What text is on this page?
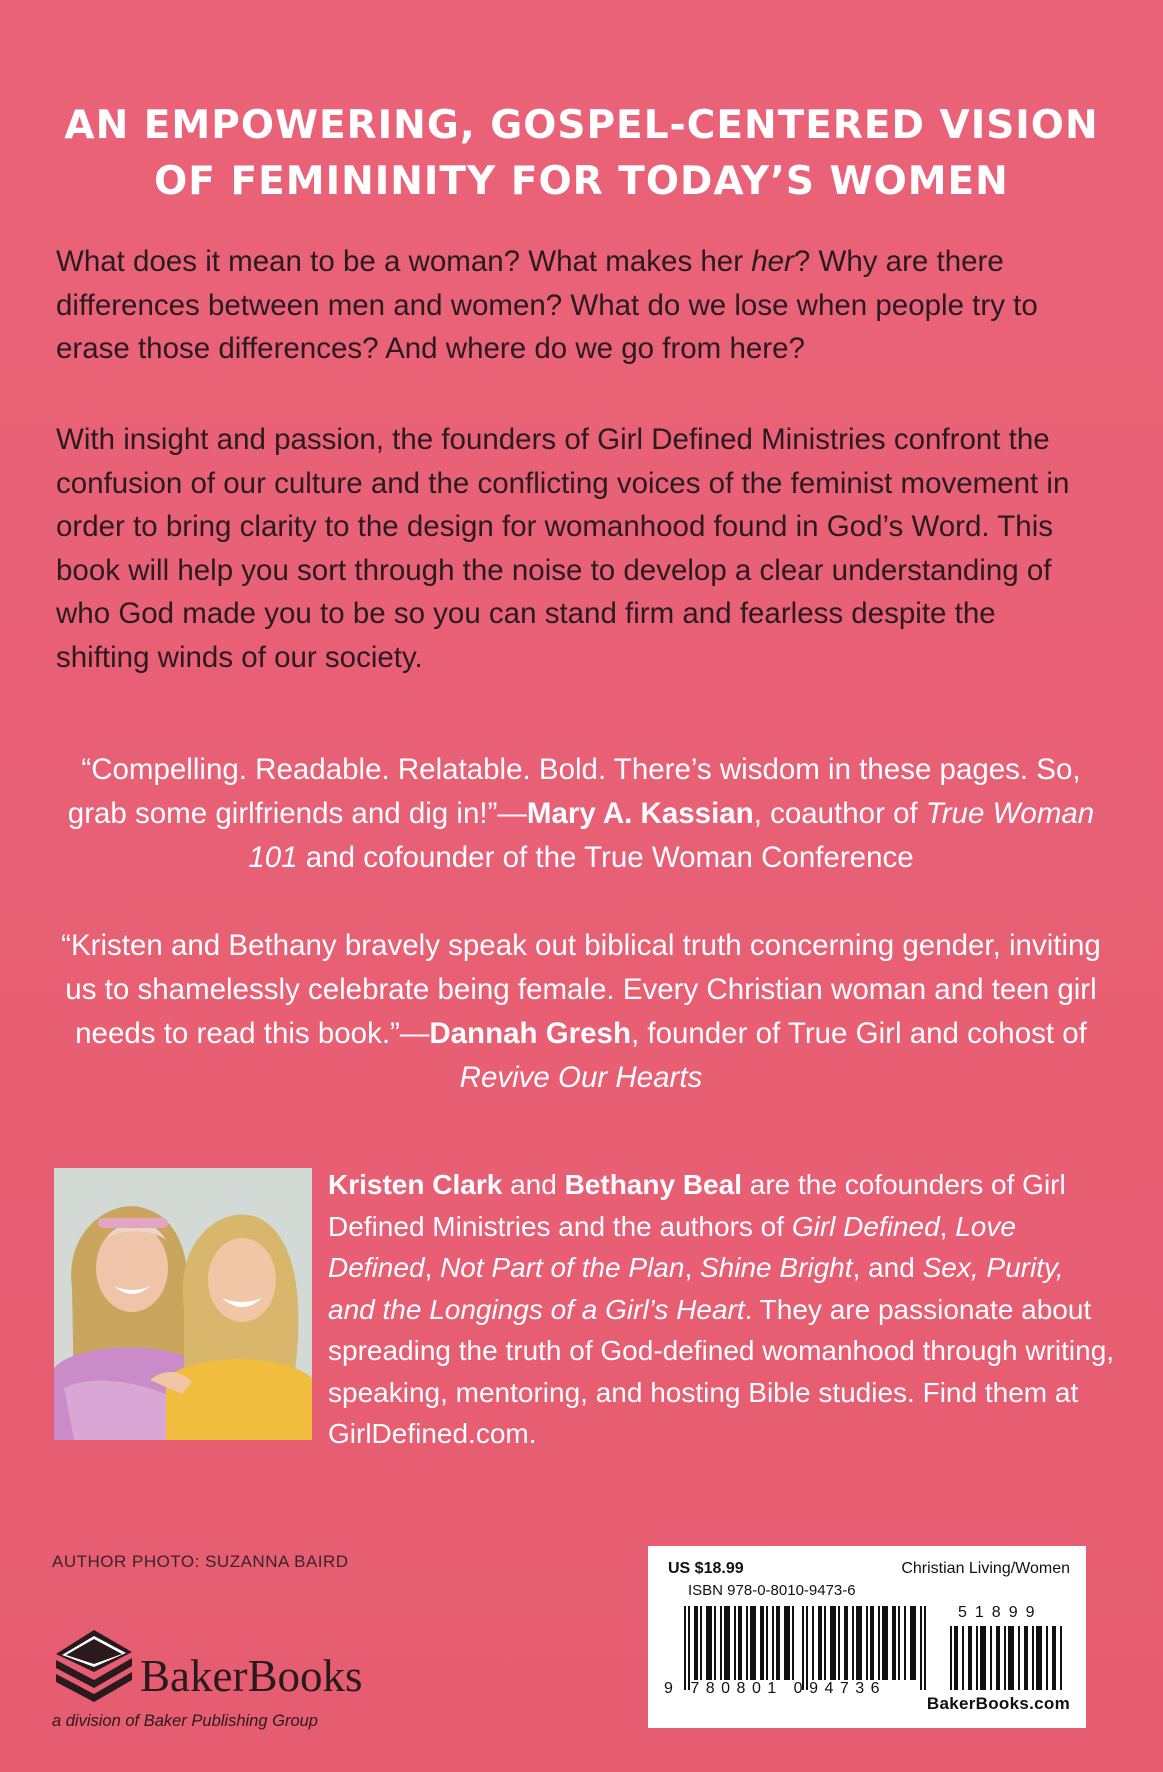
AN EMPOWERING, GOSPEL-CENTERED VISION
OF FEMININITY FOR TODAY’S WOMEN
What does it mean to be a woman? What makes her her? Why are there differences between men and women? What do we lose when people try to erase those differences? And where do we go from here?
With insight and passion, the founders of Girl Defined Ministries confront the confusion of our culture and the conflicting voices of the feminist movement in order to bring clarity to the design for womanhood found in God’s Word. This book will help you sort through the noise to develop a clear understanding of who God made you to be so you can stand firm and fearless despite the shifting winds of our society.
“Compelling. Readable. Relatable. Bold. There’s wisdom in these pages. So, grab some girlfriends and dig in!”—Mary A. Kassian, coauthor of True Woman 101 and cofounder of the True Woman Conference
“Kristen and Bethany bravely speak out biblical truth concerning gender, inviting us to shamelessly celebrate being female. Every Christian woman and teen girl needs to read this book.”—Dannah Gresh, founder of True Girl and cohost of Revive Our Hearts
Kristen Clark and Bethany Beal are the cofounders of Girl Defined Ministries and the authors of Girl Defined, Love Defined, Not Part of the Plan, Shine Bright, and Sex, Purity, and the Longings of a Girl’s Heart. They are passionate about spreading the truth of God-defined womanhood through writing, speaking, mentoring, and hosting Bible studies. Find them at GirlDefined.com.
AUTHOR PHOTO: SUZANNA BAIRD
BakerBooks
a division of Baker Publishing Group
US $18.99	Christian Living/Women
ISBN 978-0-8010-9473-6
51899
9 780801 094736
BakerBooks.com
